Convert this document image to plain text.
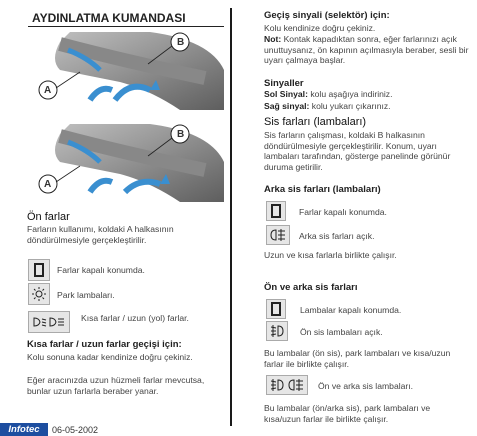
AYDINLATMA KUMANDASI
A
B
A
B
Ön farlar
Farların kullanımı, koldaki A halkasının döndürülmesiyle gerçekleştirilir.
Farlar kapalı konumda.
Park lambaları.
Kısa farlar / uzun (yol) farlar.
Kısa farlar / uzun farlar geçişi için:
Kolu sonuna kadar kendinize doğru çekiniz.
Eğer aracınızda uzun hüzmeli farlar mevcutsa, bunlar uzun farlarla beraber yanar.
Infotec	06-05-2002
Geçiş sinyali (selektör) için:
Kolu kendinize doğru çekiniz.
Not: Kontak kapadıktan sonra, eğer farlarınızı açık unuttuysanız, ön kapının açılmasıyla beraber, sesli bir uyarı çalmaya başlar.
Sinyaller
Sol Sinyal: kolu aşağıya indiriniz.
Sağ sinyal: kolu yukarı çıkarınız.
Sis farları (lambaları)
Sis farların çalışması, koldaki B halkasının döndürülmesiyle gerçekleştirilir. Konum, uyarı lambaları tarafından, gösterge panelinde görünür duruma getirilir.
Arka sis farları (lambaları)
Farlar kapalı konumda.
Arka sis farları açık.
Uzun ve kısa farlarla birlikte çalışır.
Ön ve arka sis farları
Lambalar kapalı konumda.
Ön sis lambaları açık.
Bu lambalar (ön sis), park lambaları ve kısa/uzun farlar ile birlikte çalışır.
Ön ve arka sis lambaları.
Bu lambalar (ön/arka sis), park lambaları ve kısa/uzun farlar ile birlikte çalışır.
